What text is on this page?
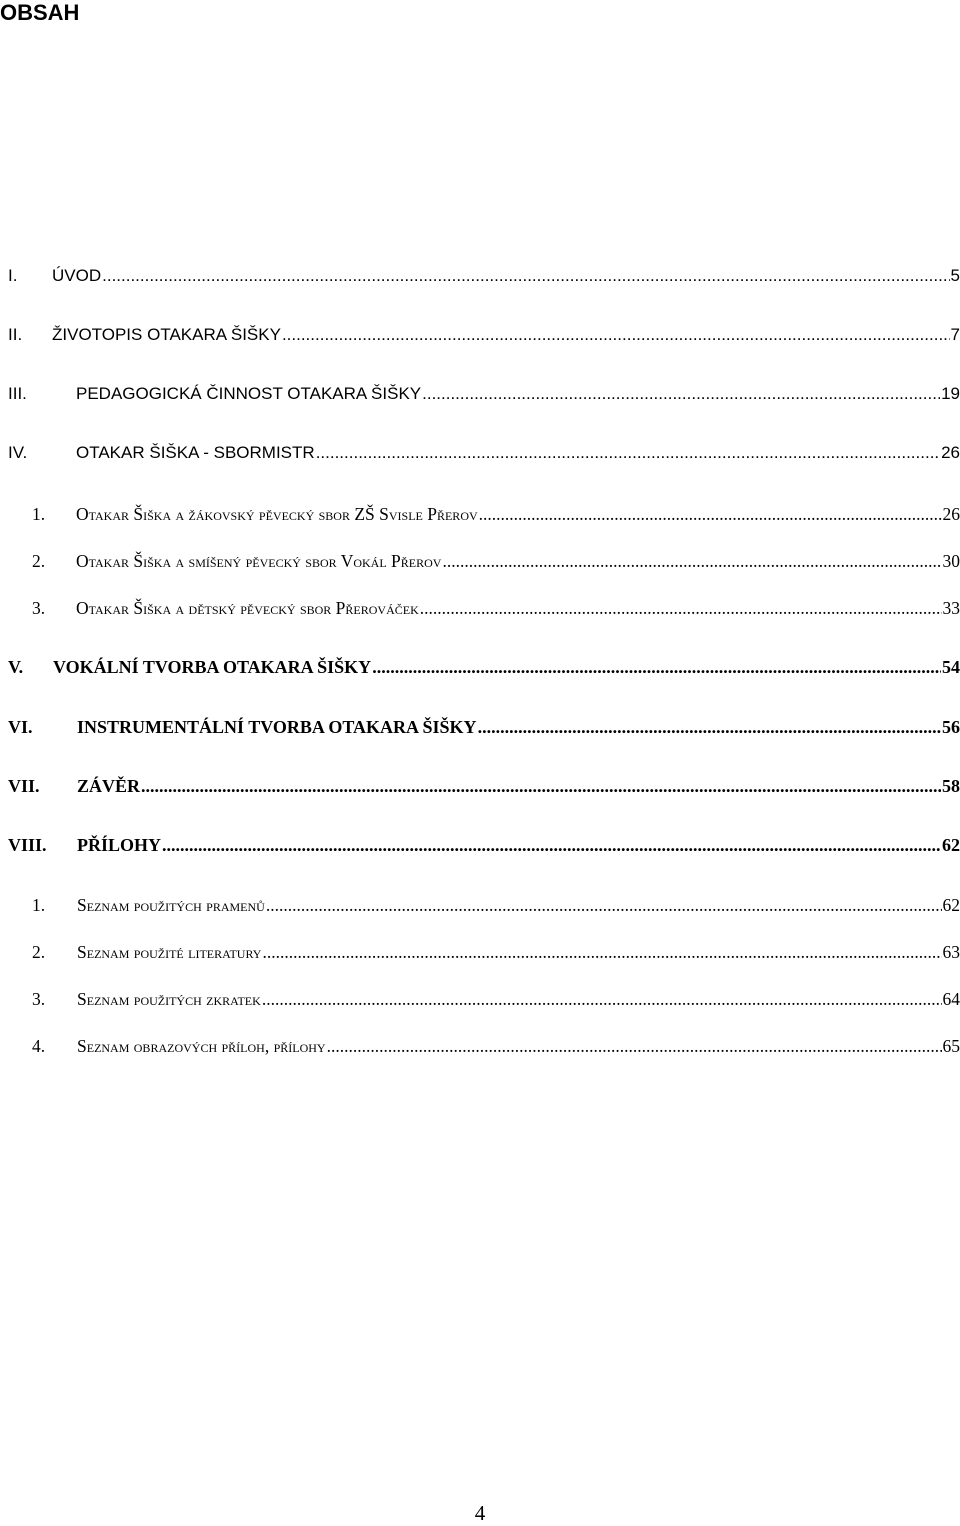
OBSAH
I.	ÚVOD .....	5
II.	ŽIVOTOPIS OTAKARA ŠIŠKY .....	7
III.	PEDAGOGICKÁ ČINNOST OTAKARA ŠIŠKY .....	19
IV.	OTAKAR ŠIŠKA - SBORMISTR .....	26
1.	Otakar Šiška a žákovský pěvecký sbor ZŠ Svisle Přerov .....	26
2.	Otakar Šiška a smíšený pěvecký sbor Vokál Přerov .....	30
3.	Otakar Šiška a dětský pěvecký sbor Přerováček .....	33
V.	VOKÁLNÍ TVORBA OTAKARA ŠIŠKY .....	54
VI.	INSTRUMENTÁLNÍ TVORBA OTAKARA ŠIŠKY .....	56
VII.	ZÁVĚR .....	58
VIII.	PŘÍLOHY .....	62
1.	Seznam použitých pramenů .....	62
2.	Seznam použité literatury .....	63
3.	Seznam použitých zkratek .....	64
4.	Seznam obrazových příloh, přílohy .....	65
4
